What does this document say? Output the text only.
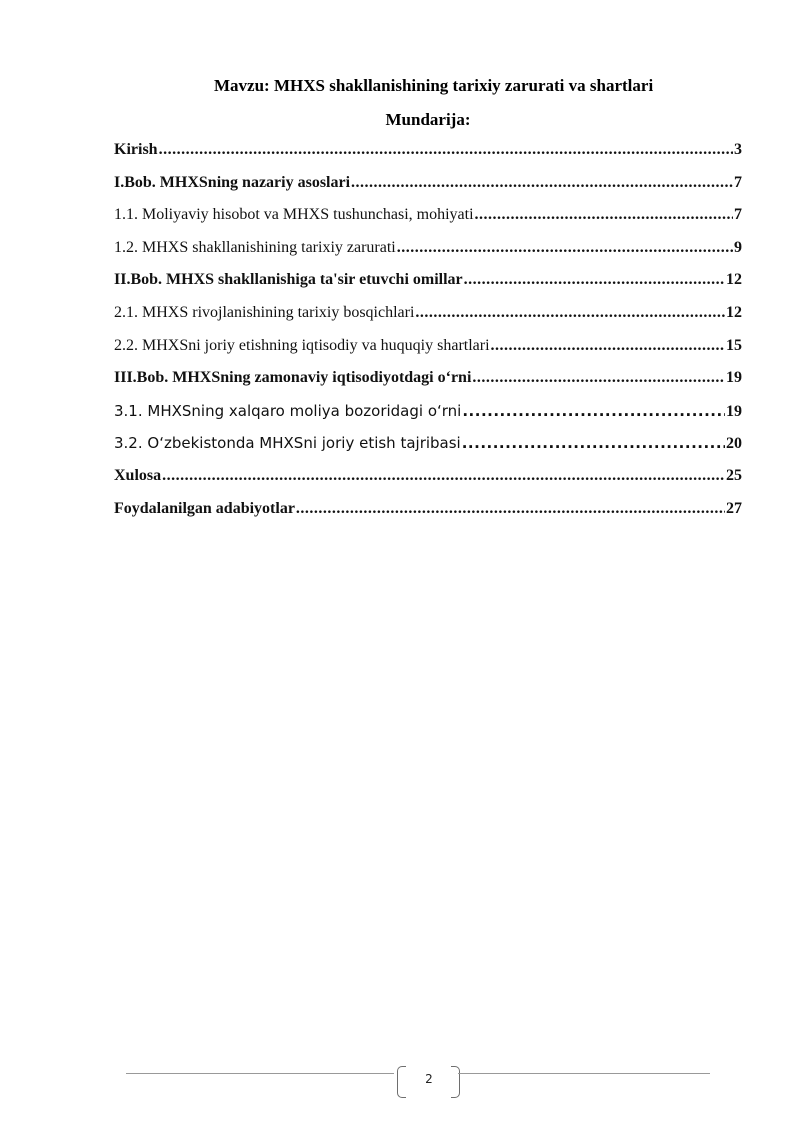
Mavzu: MHXS shakllanishining tarixiy zarurati va shartlari
Mundarija:
Kirish .....	3
I.Bob. MHXSning nazariy asoslari .....	7
1.1. Moliyaviy hisobot va MHXS tushunchasi, mohiyati .....	7
1.2. MHXS shakllanishining tarixiy zarurati .....	9
II.Bob. MHXS shakllanishiga ta'sir etuvchi omillar .....	12
2.1. MHXS rivojlanishining tarixiy bosqichlari .....	12
2.2. MHXSni joriy etishning iqtisodiy va huquqiy shartlari .....	15
III.Bob. MHXSning zamonaviy iqtisodiyotdagi o‘rni .....	19
3.1. MHXSning xalqaro moliya bozoridagi o‘rni .....	19
3.2. O‘zbekistonda MHXSni joriy etish tajribasi .....	20
Xulosa .....	25
Foydalanilgan adabiyotlar .....	27
2
